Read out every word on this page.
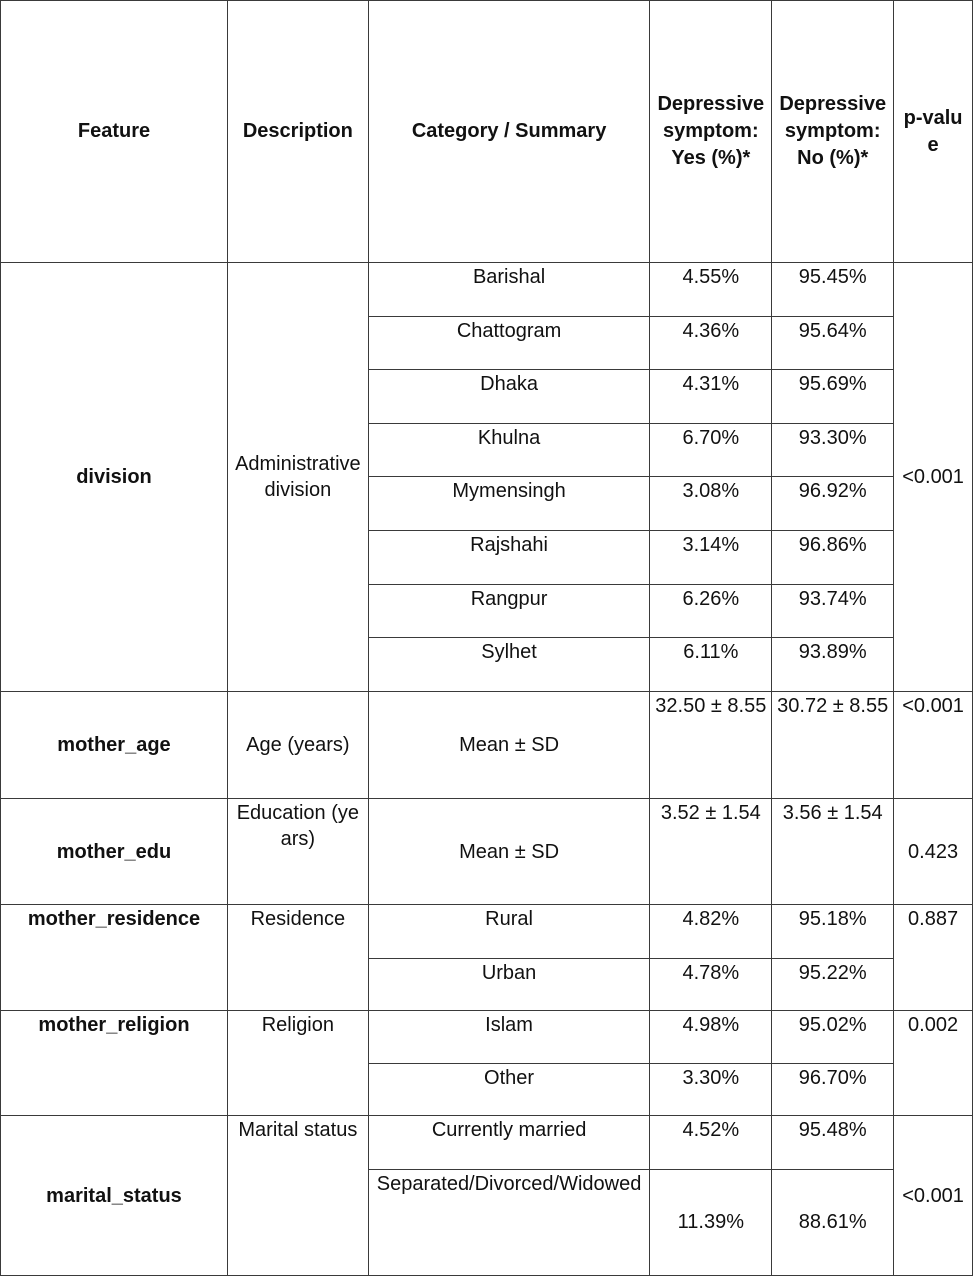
Feature	Description	Category / Summary	Depressive symptom: Yes (%)*	Depressive symptom: No (%)*	p-value
division	Administrative division	Barishal	4.55%	95.45%	<0.001
		Chattogram	4.36%	95.64%	
		Dhaka	4.31%	95.69%	
		Khulna	6.70%	93.30%	
		Mymensingh	3.08%	96.92%	
		Rajshahi	3.14%	96.86%	
		Rangpur	6.26%	93.74%	
		Sylhet	6.11%	93.89%	
mother_age	Age (years)	Mean ± SD	32.50 ± 8.55	30.72 ± 8.55	<0.001
mother_edu	Education (years)	Mean ± SD	3.52 ± 1.54	3.56 ± 1.54	0.423
mother_residence	Residence	Rural	4.82%	95.18%	0.887
		Urban	4.78%	95.22%	
mother_religion	Religion	Islam	4.98%	95.02%	0.002
		Other	3.30%	96.70%	
marital_status	Marital status	Currently married	4.52%	95.48%	<0.001
		Separated/Divorced/Widowed	11.39%	88.61%	
